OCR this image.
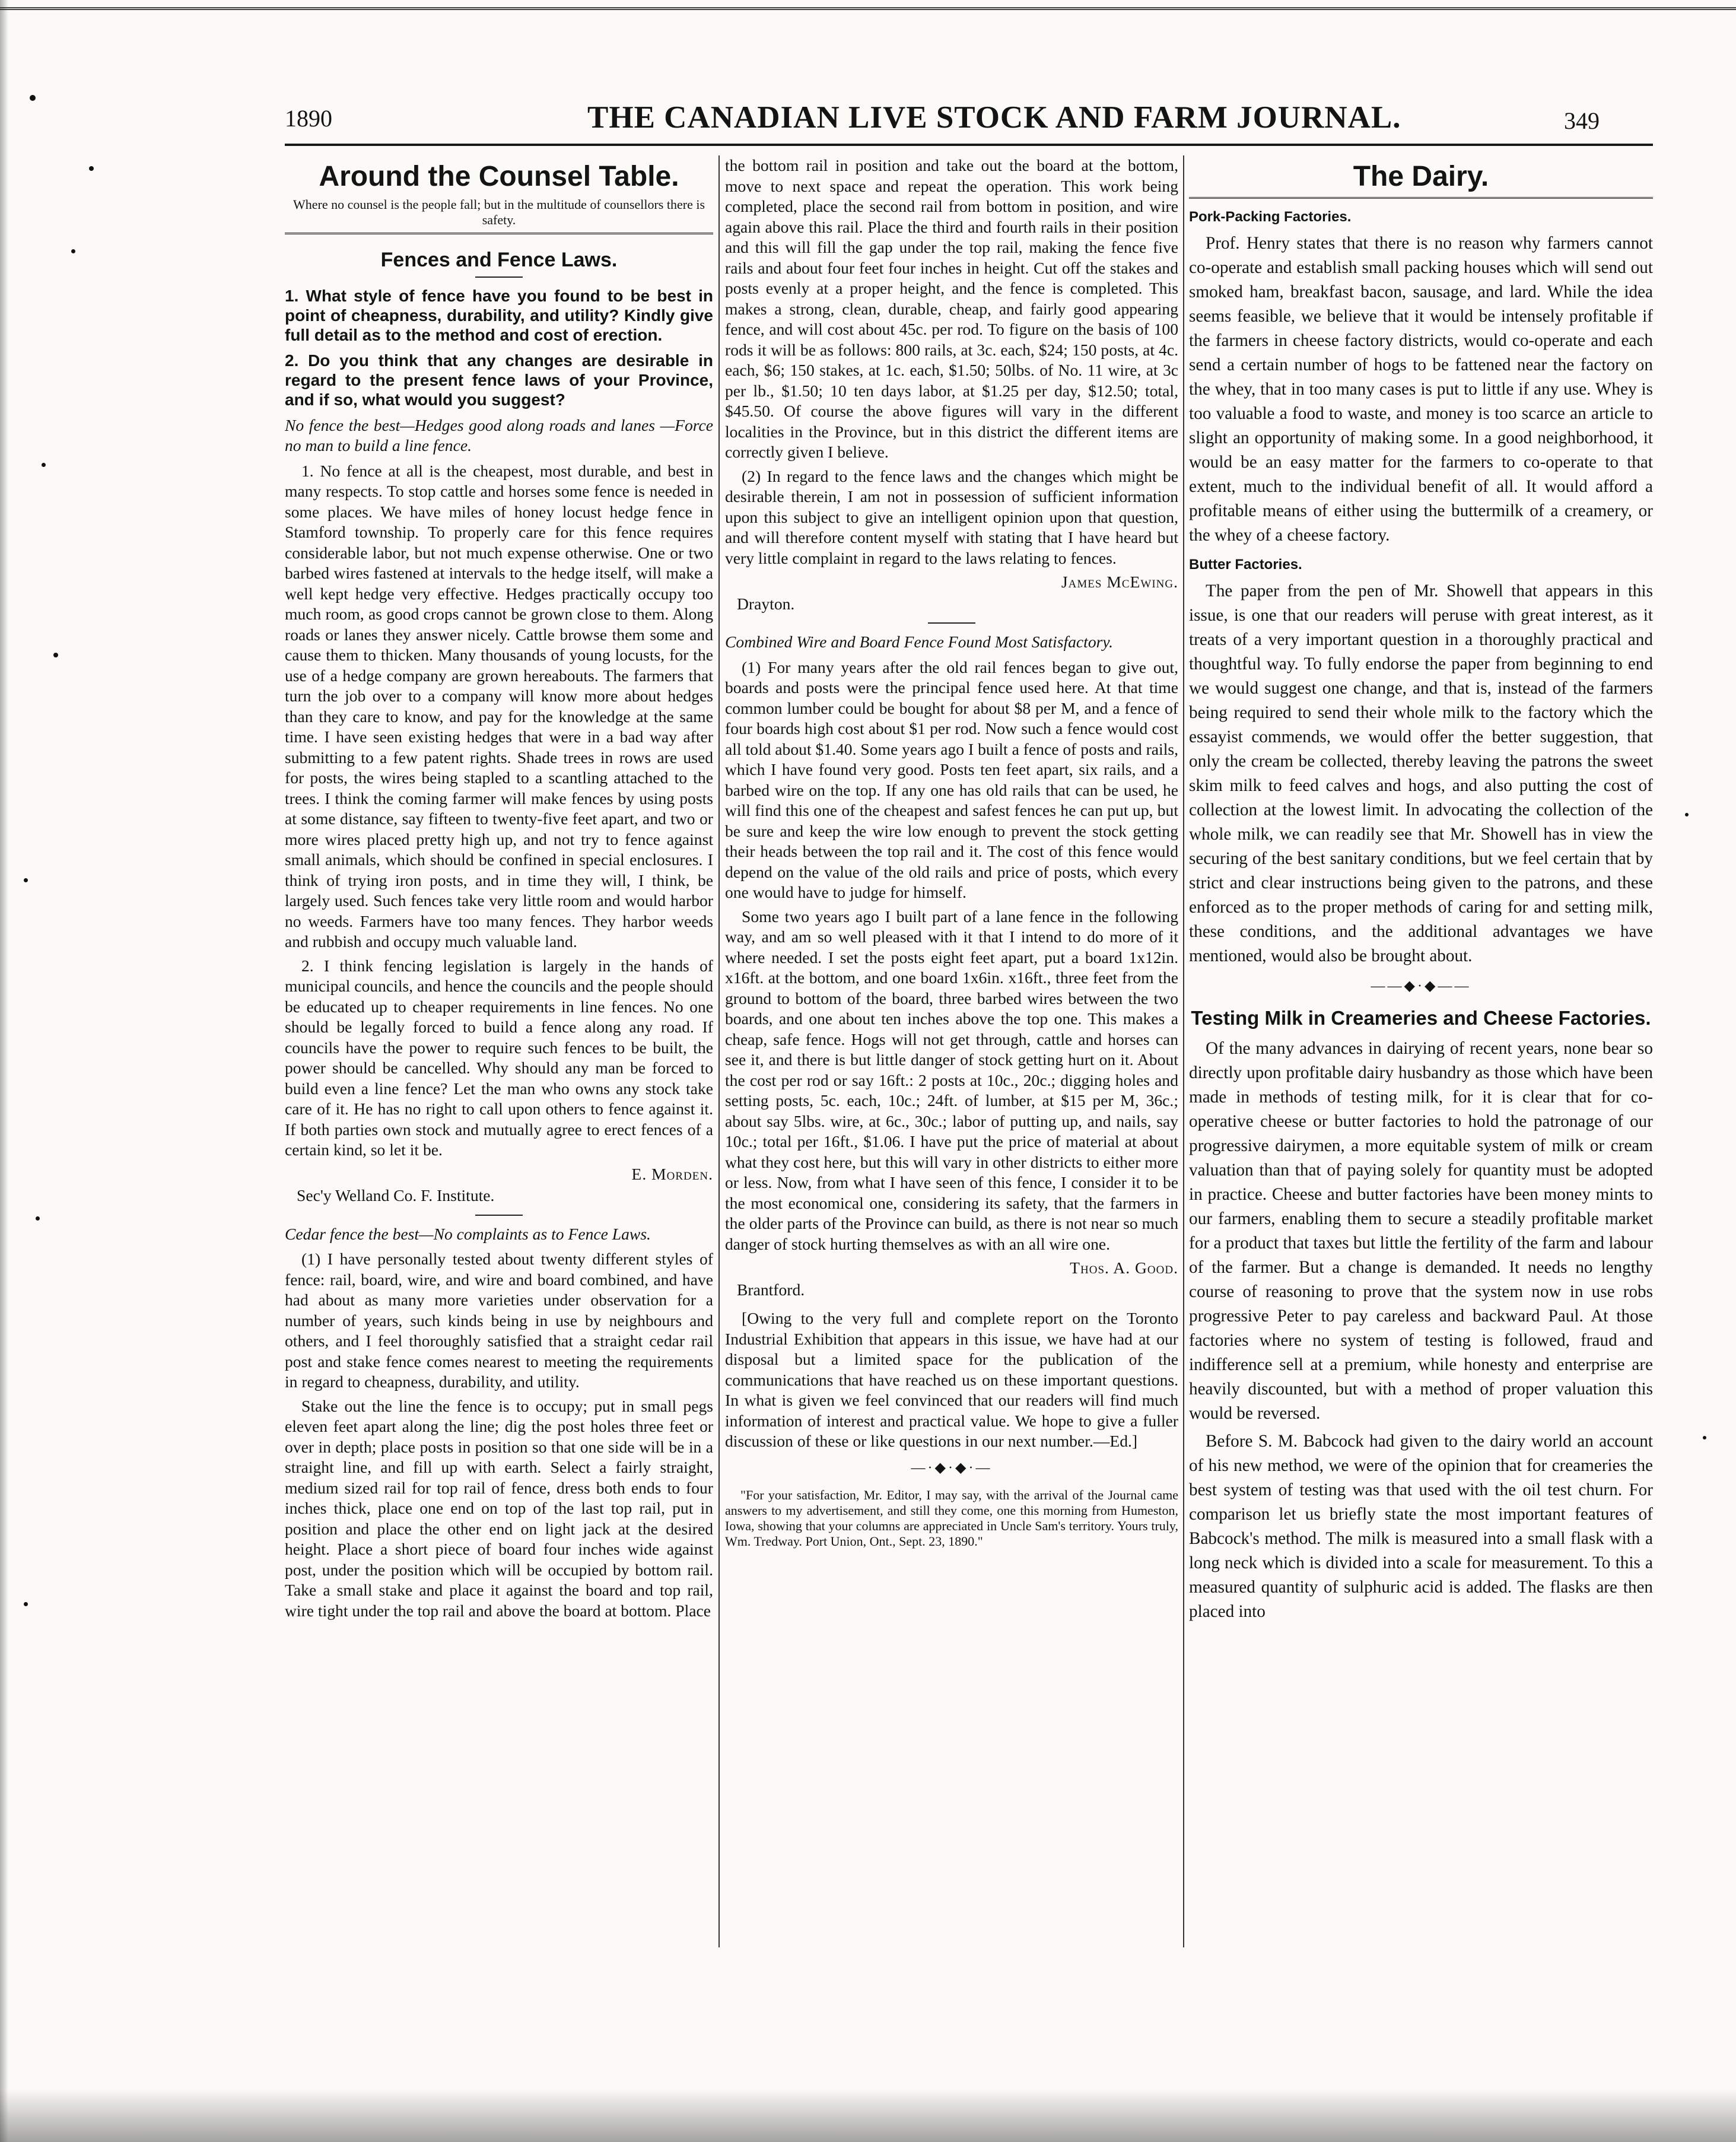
1890	THE CANADIAN LIVE STOCK AND FARM JOURNAL.	349
Around the Counsel Table.
Where no counsel is the people fall; but in the multitude of counsellors there is safety.
Fences and Fence Laws.
1. What style of fence have you found to be best in point of cheapness, durability, and utility? Kindly give full detail as to the method and cost of erection.
2. Do you think that any changes are desirable in regard to the present fence laws of your Province, and if so, what would you suggest?
No fence the best—Hedges good along roads and lanes —Force no man to build a line fence.

1. No fence at all is the cheapest, most durable, and best in many respects. To stop cattle and horses some fence is needed in some places. We have miles of honey locust hedge fence in Stamford township. To properly care for this fence requires considerable labor, but not much expense otherwise. One or two barbed wires fastened at intervals to the hedge itself, will make a well kept hedge very effective. Hedges practically occupy too much room, as good crops cannot be grown close to them. Along roads or lanes they answer nicely. Cattle browse them some and cause them to thicken. Many thousands of young locusts, for the use of a hedge company are grown hereabouts. The farmers that turn the job over to a company will know more about hedges than they care to know, and pay for the knowledge at the same time. I have seen existing hedges that were in a bad way after submitting to a few patent rights. Shade trees in rows are used for posts, the wires being stapled to a scantling attached to the trees. I think the coming farmer will make fences by using posts at some distance, say fifteen to twenty-five feet apart, and two or more wires placed pretty high up, and not try to fence against small animals, which should be confined in special enclosures. I think of trying iron posts, and in time they will, I think, be largely used. Such fences take very little room and would harbor no weeds. Farmers have too many fences. They harbor weeds and rubbish and occupy much valuable land.

2. I think fencing legislation is largely in the hands of municipal councils, and hence the councils and the people should be educated up to cheaper requirements in line fences. No one should be legally forced to build a fence along any road. If councils have the power to require such fences to be built, the power should be cancelled. Why should any man be forced to build even a line fence? Let the man who owns any stock take care of it. He has no right to call upon others to fence against it. If both parties own stock and mutually agree to erect fences of a certain kind, so let it be.

E. Morden.
Sec'y Welland Co. F. Institute.
Cedar fence the best—No complaints as to Fence Laws.

(1) I have personally tested about twenty different styles of fence: rail, board, wire, and wire and board combined, and have had about as many more varieties under observation for a number of years, such kinds being in use by neighbours and others, and I feel thoroughly satisfied that a straight cedar rail post and stake fence comes nearest to meeting the requirements in regard to cheapness, durability, and utility.

Stake out the line the fence is to occupy; put in small pegs eleven feet apart along the line; dig the post holes three feet or over in depth; place posts in position so that one side will be in a straight line, and fill up with earth. Select a fairly straight, medium sized rail for top rail of fence, dress both ends to four inches thick, place one end on top of the last top rail, put in position and place the other end on light jack at the desired height. Place a short piece of board four inches wide against post, under the position which will be occupied by bottom rail. Take a small stake and place it against the board and top rail, wire tight under the top rail and above the board at bottom. Place

the bottom rail in position and take out the board at the bottom, move to next space and repeat the operation. This work being completed, place the second rail from bottom in position, and wire again above this rail. Place the third and fourth rails in their position and this will fill the gap under the top rail, making the fence five rails and about four feet four inches in height. Cut off the stakes and posts evenly at a proper height, and the fence is completed. This makes a strong, clean, durable, cheap, and fairly good appearing fence, and will cost about 45c. per rod. To figure on the basis of 100 rods it will be as follows: 800 rails, at 3c. each, $24; 150 posts, at 4c. each, $6; 150 stakes, at 1c. each, $1.50; 50lbs. of No. 11 wire, at 3c per lb., $1.50; 10 ten days labor, at $1.25 per day, $12.50; total, $45.50. Of course the above figures will vary in the different localities in the Province, but in this district the different items are correctly given I believe.

(2) In regard to the fence laws and the changes which might be desirable therein, I am not in possession of sufficient information upon this subject to give an intelligent opinion upon that question, and will therefore content myself with stating that I have heard but very little complaint in regard to the laws relating to fences.

James McEwing.
Drayton.
Combined Wire and Board Fence Found Most Satisfactory.

(1) For many years after the old rail fences began to give out, boards and posts were the principal fence used here. At that time common lumber could be bought for about $8 per M, and a fence of four boards high cost about $1 per rod. Now such a fence would cost all told about $1.40. Some years ago I built a fence of posts and rails, which I have found very good. Posts ten feet apart, six rails, and a barbed wire on the top. If any one has old rails that can be used, he will find this one of the cheapest and safest fences he can put up, but be sure and keep the wire low enough to prevent the stock getting their heads between the top rail and it. The cost of this fence would depend on the value of the old rails and price of posts, which every one would have to judge for himself.

Some two years ago I built part of a lane fence in the following way, and am so well pleased with it that I intend to do more of it where needed. I set the posts eight feet apart, put a board 1x12in. x16ft. at the bottom, and one board 1x6in. x16ft., three feet from the ground to bottom of the board, three barbed wires between the two boards, and one about ten inches above the top one. This makes a cheap, safe fence. Hogs will not get through, cattle and horses can see it, and there is but little danger of stock getting hurt on it. About the cost per rod or say 16ft.: 2 posts at 10c., 20c.; digging holes and setting posts, 5c. each, 10c.; 24ft. of lumber, at $15 per M, 36c.; about say 5lbs. wire, at 6c., 30c.; labor of putting up, and nails, say 10c.; total per 16ft., $1.06. I have put the price of material at about what they cost here, but this will vary in other districts to either more or less. Now, from what I have seen of this fence, I consider it to be the most economical one, considering its safety, that the farmers in the older parts of the Province can build, as there is not near so much danger of stock hurting themselves as with an all wire one.

Thos. A. Good.
Brantford.

[Owing to the very full and complete report on the Toronto Industrial Exhibition that appears in this issue, we have had at our disposal but a limited space for the publication of the communications that have reached us on these important questions. In what is given we feel convinced that our readers will find much information of interest and practical value. We hope to give a fuller discussion of these or like questions in our next number.—Ed.]

—·◆·◆·—
"For your satisfaction, Mr. Editor, I may say, with the arrival of the Journal came answers to my advertisement, and still they come, one this morning from Humeston, Iowa, showing that your columns are appreciated in Uncle Sam's territory. Yours truly, Wm. Tredway. Port Union, Ont., Sept. 23, 1890."
The Dairy.
Pork-Packing Factories.

Prof. Henry states that there is no reason why farmers cannot co-operate and establish small packing houses which will send out smoked ham, breakfast bacon, sausage, and lard. While the idea seems feasible, we believe that it would be intensely profitable if the farmers in cheese factory districts, would co-operate and each send a certain number of hogs to be fattened near the factory on the whey, that in too many cases is put to little if any use. Whey is too valuable a food to waste, and money is too scarce an article to slight an opportunity of making some. In a good neighborhood, it would be an easy matter for the farmers to co-operate to that extent, much to the individual benefit of all. It would afford a profitable means of either using the buttermilk of a creamery, or the whey of a cheese factory.

Butter Factories.

The paper from the pen of Mr. Showell that appears in this issue, is one that our readers will peruse with great interest, as it treats of a very important question in a thoroughly practical and thoughtful way. To fully endorse the paper from beginning to end we would suggest one change, and that is, instead of the farmers being required to send their whole milk to the factory which the essayist commends, we would offer the better suggestion, that only the cream be collected, thereby leaving the patrons the sweet skim milk to feed calves and hogs, and also putting the cost of collection at the lowest limit. In advocating the collection of the whole milk, we can readily see that Mr. Showell has in view the securing of the best sanitary conditions, but we feel certain that by strict and clear instructions being given to the patrons, and these enforced as to the proper methods of caring for and setting milk, these conditions, and the additional advantages we have mentioned, would also be brought about.

——◆·◆——
Testing Milk in Creameries and Cheese Factories.

Of the many advances in dairying of recent years, none bear so directly upon profitable dairy husbandry as those which have been made in methods of testing milk, for it is clear that for co-operative cheese or butter factories to hold the patronage of our progressive dairymen, a more equitable system of milk or cream valuation than that of paying solely for quantity must be adopted in practice. Cheese and butter factories have been money mints to our farmers, enabling them to secure a steadily profitable market for a product that taxes but little the fertility of the farm and labour of the farmer. But a change is demanded. It needs no lengthy course of reasoning to prove that the system now in use robs progressive Peter to pay careless and backward Paul. At those factories where no system of testing is followed, fraud and indifference sell at a premium, while honesty and enterprise are heavily discounted, but with a method of proper valuation this would be reversed.

Before S. M. Babcock had given to the dairy world an account of his new method, we were of the opinion that for creameries the best system of testing was that used with the oil test churn. For comparison let us briefly state the most important features of Babcock's method. The milk is measured into a small flask with a long neck which is divided into a scale for measurement. To this a measured quantity of sulphuric acid is added. The flasks are then placed into
